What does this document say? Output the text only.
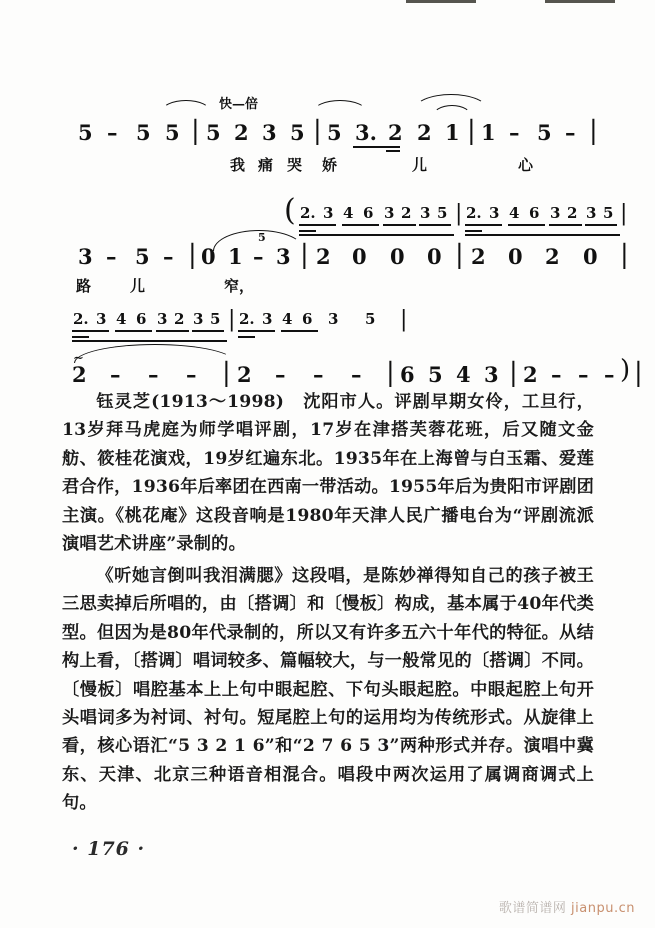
快—倍
5 – 5 5 | 5 2 3 5 | 5 3. 2 2 1 | 1 – 5 – |
我 痛 哭 娇	儿	心
( 2. 3 4 6 3 2 3 5 | 2. 3 4 6 3 2 3 5 |
3 – 5 – | 0 1 –
5
3 | 2 0 0 0 | 2 0 2 0 |
路	儿	窄，
2. 3 4 6 3 2 3 5 | 2. 3 4 6 3 5 |
∼
2 – – – | 2 – – – | 6 5 4 3 | 2 – – – ) |

钰灵芝(1913～1998)　 沈阳市人。评剧早期女伶，工旦行，13岁拜马虎庭为师学唱评剧，17岁在津搭芙蓉花班，后又随文金舫、筱桂花演戏，19岁红遍东北。1935年在上海曾与白玉霜、爱莲君合作，1936年后率团在西南一带活动。1955年后为贵阳市评剧团主演。《桃花庵》这段音响是1980年天津人民广播电台为“评剧流派演唱艺术讲座”录制的。

《听她言倒叫我泪满腮》这段唱，是陈妙禅得知自己的孩子被王三思卖掉后所唱的，由〔搭调〕和〔慢板〕构成，基本属于40年代类型。但因为是80年代录制的，所以又有许多五六十年代的特征。从结构上看，〔搭调〕唱词较多、篇幅较大，与一般常见的〔搭调〕不同。〔慢板〕唱腔基本上上句中眼起腔、下句头眼起腔。中眼起腔上句开头唱词多为衬词、衬句。短尾腔上句的运用均为传统形式。从旋律上看，核心语汇“5 3 2 1 6”和“2 7 6 5 3”两种形式并存。演唱中冀东、天津、北京三种语音相混合。唱段中两次运用了属调商调式上句。

· 176 ·
歌谱简谱网 jianpu.cn
